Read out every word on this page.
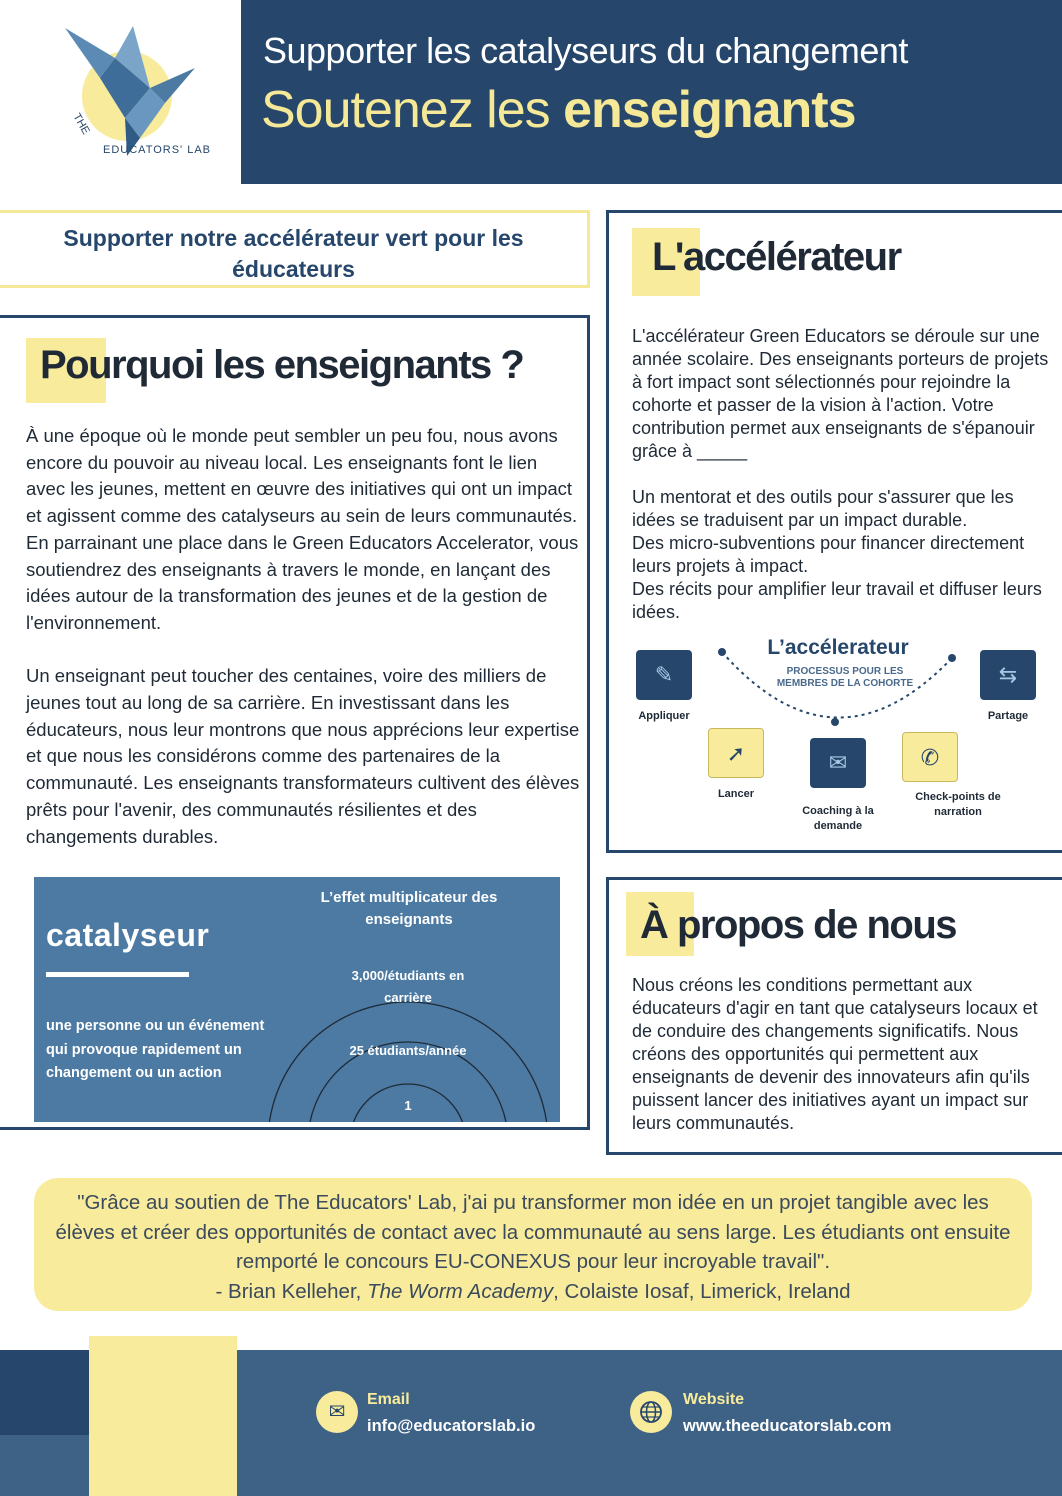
THE
EDUCATORS' LAB
Supporter les catalyseurs du changement
Soutenez les enseignants
Supporter notre accélérateur vert pour les éducateurs
Pourquoi les enseignants ?

À une époque où le monde peut sembler un peu fou, nous avons encore du pouvoir au niveau local. Les enseignants font le lien avec les jeunes, mettent en œuvre des initiatives qui ont un impact et agissent comme des catalyseurs au sein de leurs communautés. En parrainant une place dans le Green Educators Accelerator, vous soutiendrez des enseignants à travers le monde, en lançant des idées autour de la transformation des jeunes et de la gestion de l'environnement.

Un enseignant peut toucher des centaines, voire des milliers de jeunes tout au long de sa carrière. En investissant dans les éducateurs, nous leur montrons que nous apprécions leur expertise et que nous les considérons comme des partenaires de la communauté. Les enseignants transformateurs cultivent des élèves prêts pour l'avenir, des communautés résilientes et des changements durables.

catalyseur
une personne ou un événement qui provoque rapidement un changement ou un action
L’effet multiplicateur des enseignants
3,000/étudiants en carrière
25 étudiants/année
1
L'accélérateur

L'accélérateur Green Educators se déroule sur une année scolaire. Des enseignants porteurs de projets à fort impact sont sélectionnés pour rejoindre la cohorte et passer de la vision à l'action. Votre contribution permet aux enseignants de s'épanouir grâce à _____

Un mentorat et des outils pour s'assurer que les idées se traduisent par un impact durable.
Des micro-subventions pour financer directement leurs projets à impact.
Des récits pour amplifier leur travail et diffuser leurs idées.

L’accélerateur
PROCESSUS POUR LES MEMBRES DE LA COHORTE
✎
Appliquer
➚
Lancer
✉
Coaching à la demande
✆
Check-points de narration
⇆
Partage
À propos de nous
Nous créons les conditions permettant aux éducateurs d'agir en tant que catalyseurs locaux et de conduire des changements significatifs. Nous créons des opportunités qui permettent aux enseignants de devenir des innovateurs afin qu'ils puissent lancer des initiatives ayant un impact sur leurs communautés.
"Grâce au soutien de The Educators' Lab, j'ai pu transformer mon idée en un projet tangible avec les élèves et créer des opportunités de contact avec la communauté au sens large. Les étudiants ont ensuite remporté le concours EU-CONEXUS pour leur incroyable travail".
- Brian Kelleher, The Worm Academy, Colaiste Iosaf, Limerick, Ireland
✉
Email
info@educatorslab.io
Website
www.theeducatorslab.com
